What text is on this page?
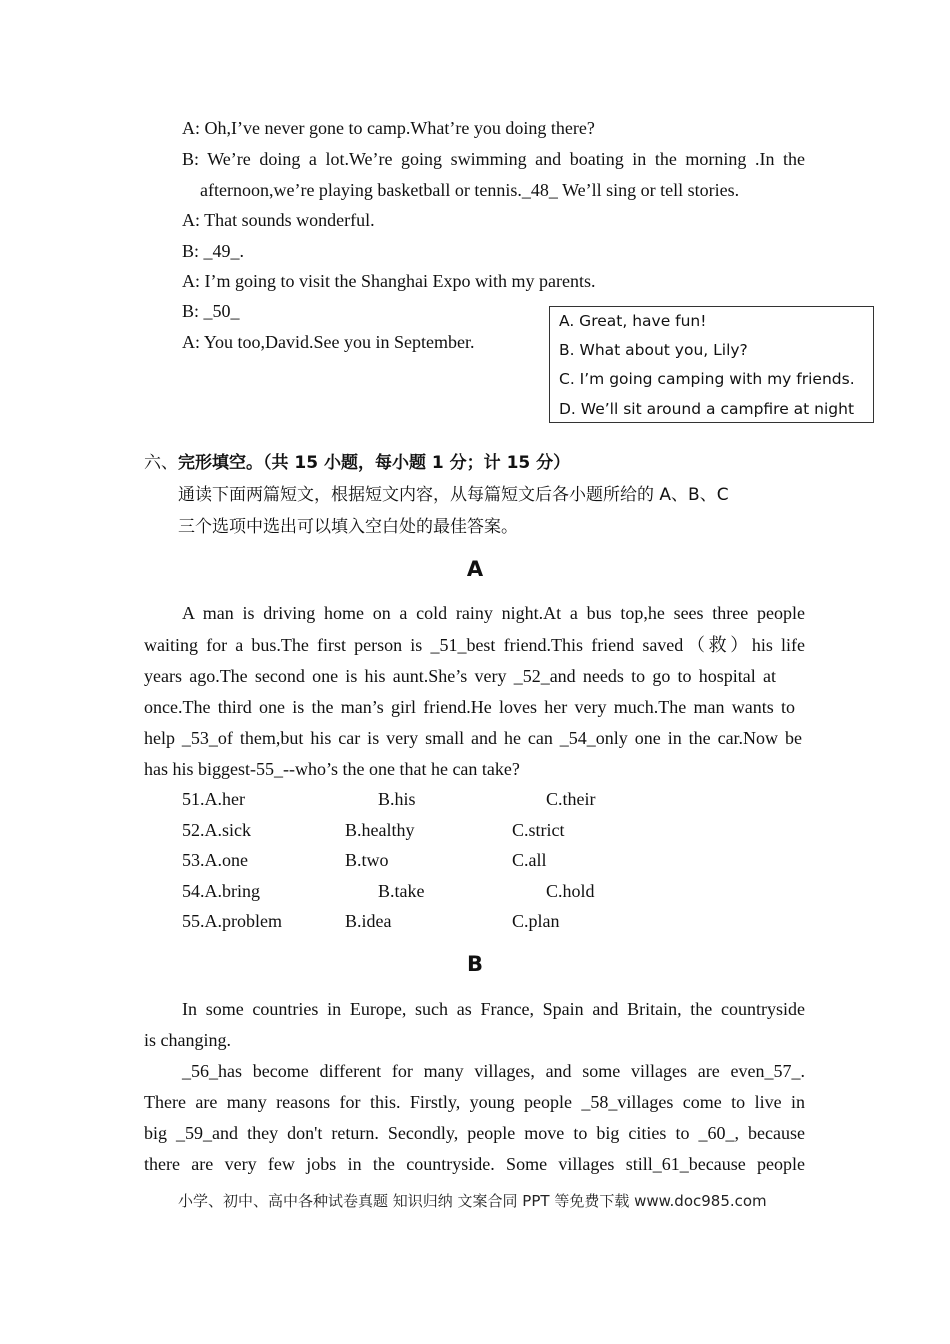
A: Oh,I’ve never gone to camp.What’re you doing there?
B: We’re doing a lot.We’re going swimming and boating in the morning .In the
afternoon,we’re playing basketball or tennis._48_ We’ll sing or tell stories.
A: That sounds wonderful.
B: _49_.
A: I’m going to visit the Shanghai Expo with my parents.
B: _50_
A: You too,David.See you in September.
A. Great, have fun!
B. What about you, Lily?
C. I’m going camping with my friends.
D. We’ll sit around a campfire at night
六、完形填空。（共 15 小题，每小题 1 分；计 15 分）
通读下面两篇短文，根据短文内容，从每篇短文后各小题所给的 A、B、C
三个选项中选出可以填入空白处的最佳答案。
A
A man is driving home on a cold rainy night.At a bus top,he sees three people
waiting for a bus.The first person is _51_best friend.This friend saved（救）his life
years ago.The second one is his aunt.She’s very _52_and needs to go to hospital at
once.The third one is the man’s girl friend.He loves her very much.The man wants to
help _53_of them,but his car is very small and he can _54_only one in the car.Now be
has his biggest-55_--who’s the one that he can take?
51.A.her	B.his	C.their
52.A.sick	B.healthy	C.strict
53.A.one	B.two	C.all
54.A.bring	B.take	C.hold
55.A.problem	B.idea	C.plan
B
In some countries in Europe, such as France, Spain and Britain, the countryside
is changing.
_56_has become different for many villages, and some villages are even_57_.
There are many reasons for this. Firstly, young people _58_villages come to live in
big _59_and they don't return. Secondly, people move to big cities to _60_, because
there are very few jobs in the countryside. Some villages still_61_because people
小学、初中、高中各种试卷真题 知识归纳 文案合同 PPT 等免费下载 www.doc985.com
